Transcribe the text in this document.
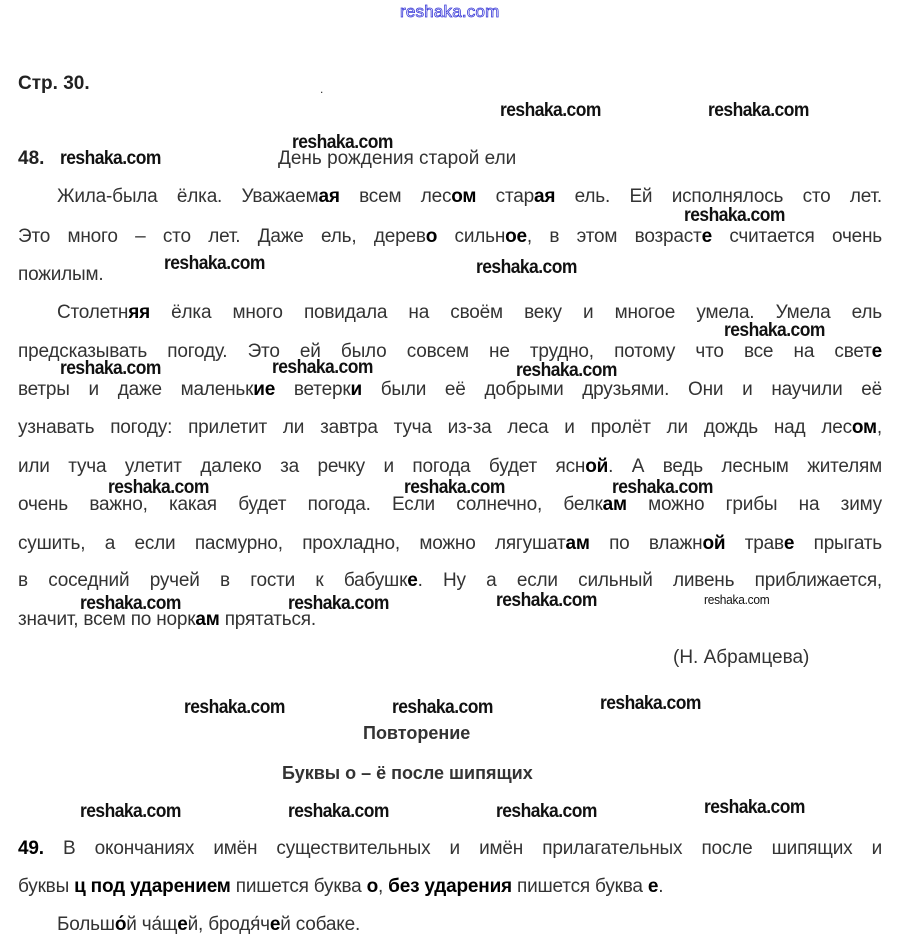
reshaka.com
Стр. 30.	.
48.	День рождения старой ели
Жила-была ёлка. Уважаемая всем лесом старая ель. Ей исполнялось сто лет.
Это много – сто лет. Даже ель, дерево сильное, в этом возрасте считается очень
пожилым.
Столетняя ёлка много повидала на своём веку и многое умела. Умела ель
предсказывать погоду. Это ей было совсем не трудно, потому что все на свете
ветры и даже маленькие ветерки были её добрыми друзьями. Они и научили её
узнавать погоду: прилетит ли завтра туча из-за леса и пролёт ли дождь над лесом,
или туча улетит далеко за речку и погода будет ясной. А ведь лесным жителям
очень важно, какая будет погода. Если солнечно, белкам можно грибы на зиму
сушить, а если пасмурно, прохладно, можно лягушатам по влажной траве прыгать
в соседний ручей в гости к бабушке. Ну а если сильный ливень приближается,
значит, всем по норкам прятаться.
(Н. Абрамцева)
Повторение
Буквы о – ё после шипящих
49. В окончаниях имён существительных и имён прилагательных после шипящих и
буквы ц под ударением пишется буква о, без ударения пишется буква е.
Большо́й ча́щей, бродя́чей собаке.
reshaka.com	reshaka.com
reshaka.com
reshaka.com
reshaka.com
reshaka.com	reshaka.com
reshaka.com
reshaka.com	reshaka.com	reshaka.com
reshaka.com	reshaka.com	reshaka.com
reshaka.com	reshaka.com	reshaka.com	reshaka.com
reshaka.com	reshaka.com	reshaka.com
reshaka.com	reshaka.com	reshaka.com	reshaka.com
